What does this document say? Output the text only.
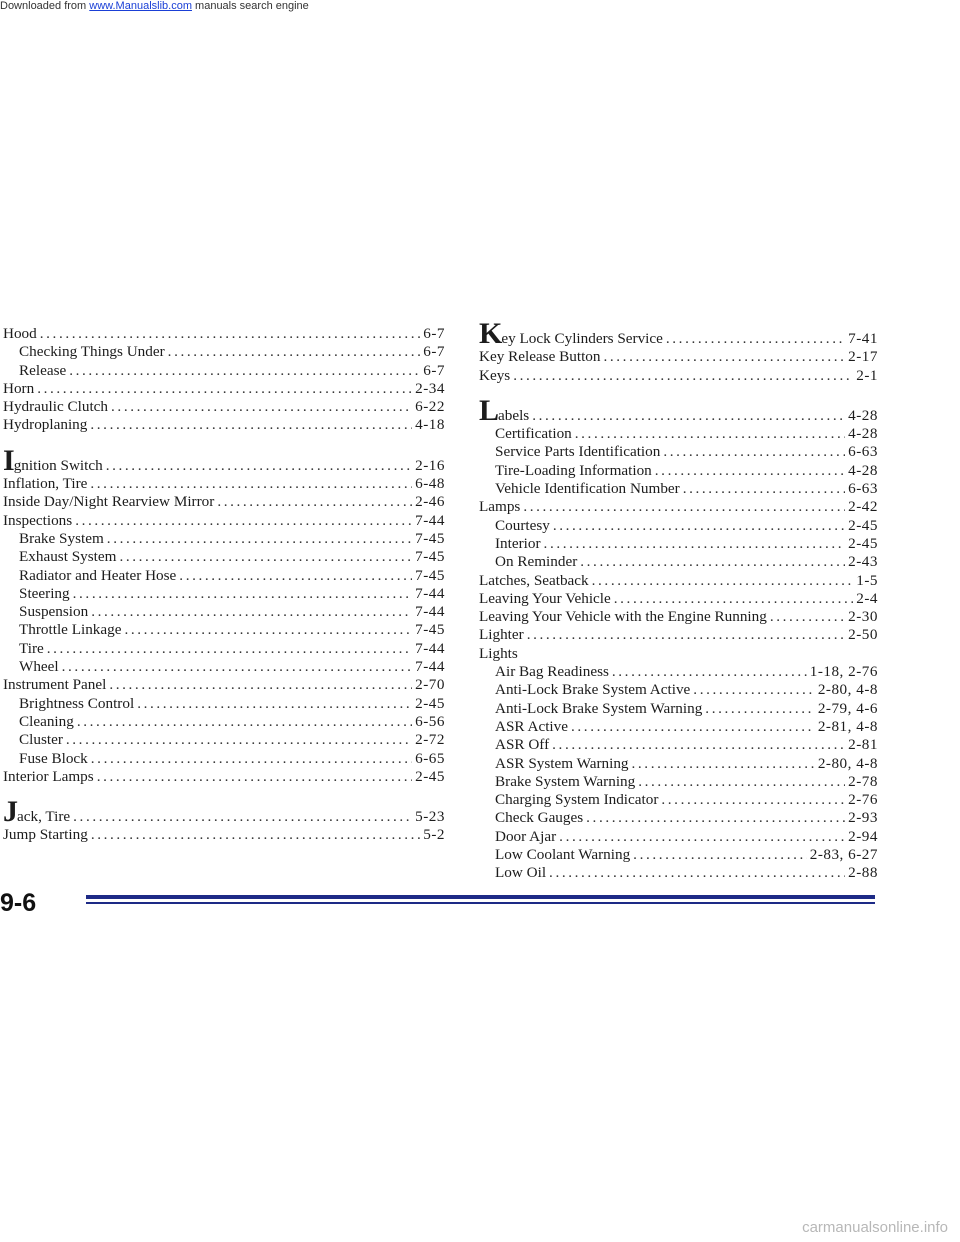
Downloaded from www.Manualslib.com manuals search engine
Hood .....	6-7
Checking Things Under .....	6-7
Release .....	6-7
Horn .....	2-34
Hydraulic Clutch .....	6-22
Hydroplaning .....	4-18
Ignition Switch .....	2-16
Inflation, Tire .....	6-48
Inside Day/Night Rearview Mirror .....	2-46
Inspections .....	7-44
Brake System .....	7-45
Exhaust System .....	7-45
Radiator and Heater Hose .....	7-45
Steering .....	7-44
Suspension .....	7-44
Throttle Linkage .....	7-45
Tire .....	7-44
Wheel .....	7-44
Instrument Panel .....	2-70
Brightness Control .....	2-45
Cleaning .....	6-56
Cluster .....	2-72
Fuse Block .....	6-65
Interior Lamps .....	2-45
Jack, Tire .....	5-23
Jump Starting .....	5-2
Key Lock Cylinders Service .....	7-41
Key Release Button .....	2-17
Keys .....	2-1
Labels .....	4-28
Certification .....	4-28
Service Parts Identification .....	6-63
Tire-Loading Information .....	4-28
Vehicle Identification Number .....	6-63
Lamps .....	2-42
Courtesy .....	2-45
Interior .....	2-45
On Reminder .....	2-43
Latches, Seatback .....	1-5
Leaving Your Vehicle .....	2-4
Leaving Your Vehicle with the Engine Running .....	2-30
Lighter .....	2-50
Lights
Air Bag Readiness .....	1-18, 2-76
Anti-Lock Brake System Active .....	2-80, 4-8
Anti-Lock Brake System Warning .....	2-79, 4-6
ASR Active .....	2-81, 4-8
ASR Off .....	2-81
ASR System Warning .....	2-80, 4-8
Brake System Warning .....	2-78
Charging System Indicator .....	2-76
Check Gauges .....	2-93
Door Ajar .....	2-94
Low Coolant Warning .....	2-83, 6-27
Low Oil .....	2-88
9-6
carmanualsonline.info
